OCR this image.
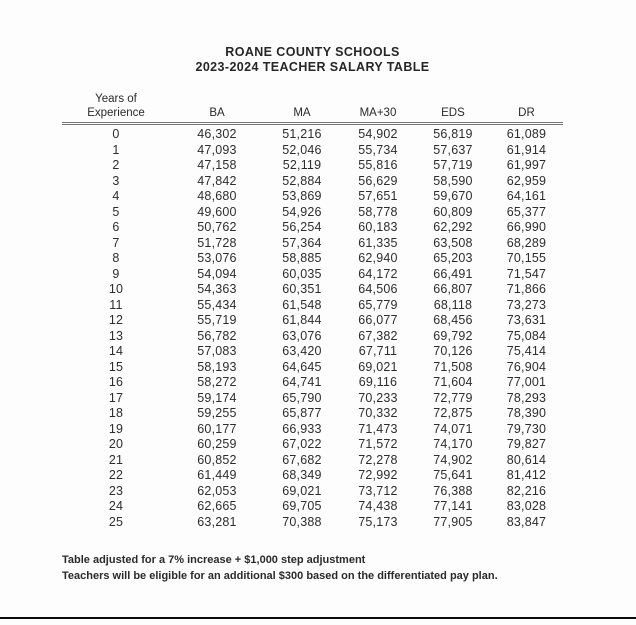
ROANE COUNTY SCHOOLS
2023-2024 TEACHER SALARY TABLE
Years of
Experience	BA	MA	MA+30	EDS	DR
0	46,302	51,216	54,902	56,819	61,089
1	47,093	52,046	55,734	57,637	61,914
2	47,158	52,119	55,816	57,719	61,997
3	47,842	52,884	56,629	58,590	62,959
4	48,680	53,869	57,651	59,670	64,161
5	49,600	54,926	58,778	60,809	65,377
6	50,762	56,254	60,183	62,292	66,990
7	51,728	57,364	61,335	63,508	68,289
8	53,076	58,885	62,940	65,203	70,155
9	54,094	60,035	64,172	66,491	71,547
10	54,363	60,351	64,506	66,807	71,866
11	55,434	61,548	65,779	68,118	73,273
12	55,719	61,844	66,077	68,456	73,631
13	56,782	63,076	67,382	69,792	75,084
14	57,083	63,420	67,711	70,126	75,414
15	58,193	64,645	69,021	71,508	76,904
16	58,272	64,741	69,116	71,604	77,001
17	59,174	65,790	70,233	72,779	78,293
18	59,255	65,877	70,332	72,875	78,390
19	60,177	66,933	71,473	74,071	79,730
20	60,259	67,022	71,572	74,170	79,827
21	60,852	67,682	72,278	74,902	80,614
22	61,449	68,349	72,992	75,641	81,412
23	62,053	69,021	73,712	76,388	82,216
24	62,665	69,705	74,438	77,141	83,028
25	63,281	70,388	75,173	77,905	83,847
Table adjusted for a 7% increase + $1,000 step adjustment
Teachers will be eligible for an additional $300 based on the differentiated pay plan.
